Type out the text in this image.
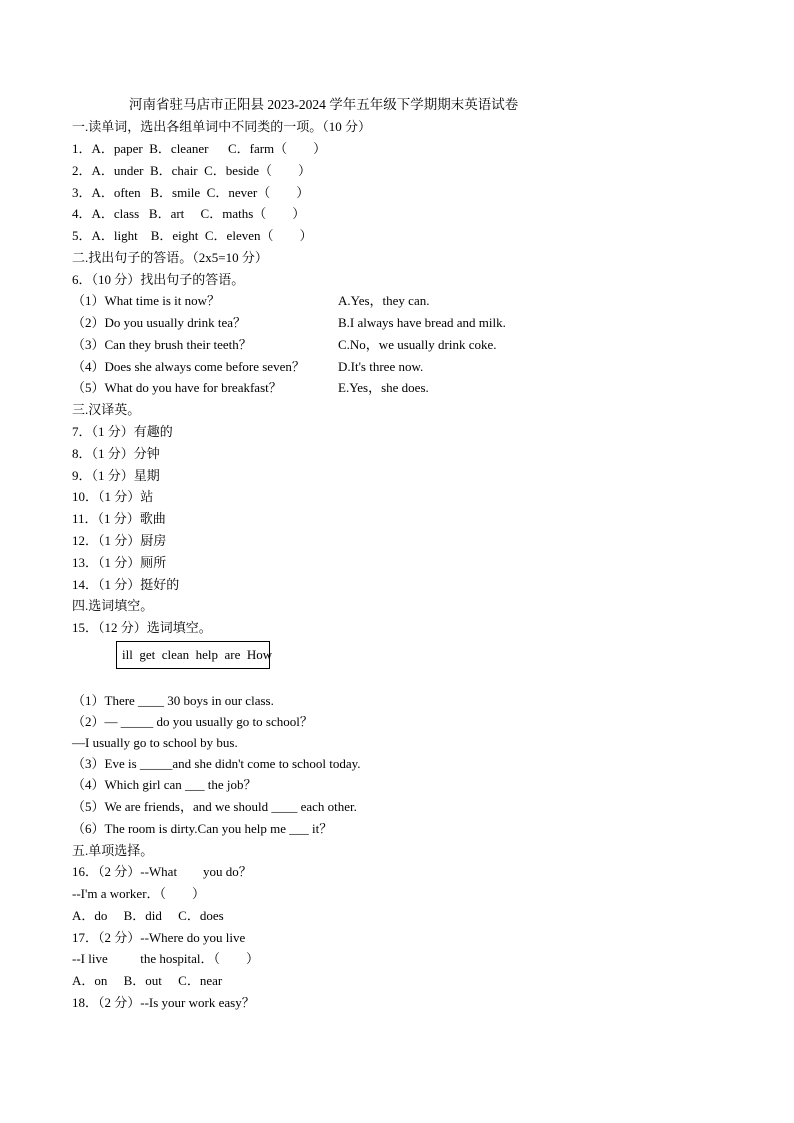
河南省驻马店市正阳县 2023-2024 学年五年级下学期期末英语试卷
一.读单词，选出各组单词中不同类的一项。（10 分）
1．A．paper  B．cleaner      C．farm（        ）
2．A．under  B．chair  C．beside（        ）
3．A．often   B．smile  C．never（        ）
4．A．class   B．art     C．maths（        ）
5．A．light    B．eight  C．eleven（        ）
二.找出句子的答语。（2x5=10 分）
6．（10 分）找出句子的答语。
（1）What time is it now？
（2）Do you usually drink tea？
（3）Can they brush their teeth？
（4）Does she always come before seven？
（5）What do you have for breakfast？
A.Yes，they can.
B.I always have bread and milk.
C.No，we usually drink coke.
D.It's three now.
E.Yes，she does.
三.汉译英。
7．（1 分）有趣的
8．（1 分）分钟
9．（1 分）星期
10．（1 分）站
11．（1 分）歌曲
12．（1 分）厨房
13．（1 分）厕所
14．（1 分）挺好的
四.选词填空。
15．（12 分）选词填空。
ill  get  clean  help  are  How
（1）There ____ 30 boys in our class.
（2）— _____ do you usually go to school？
—I usually go to school by bus.
（3）Eve is _____and she didn't come to school today.
（4）Which girl can ___ the job？
（5）We are friends，and we should ____ each other.
（6）The room is dirty.Can you help me ___ it？
五.单项选择。
16．（2 分）--What        you do？
--I'm a worker．（        ）
A．do     B．did     C．does
17．（2 分）--Where do you live
--I live          the hospital．（        ）
A．on     B．out     C．near
18．（2 分）--Is your work easy？
